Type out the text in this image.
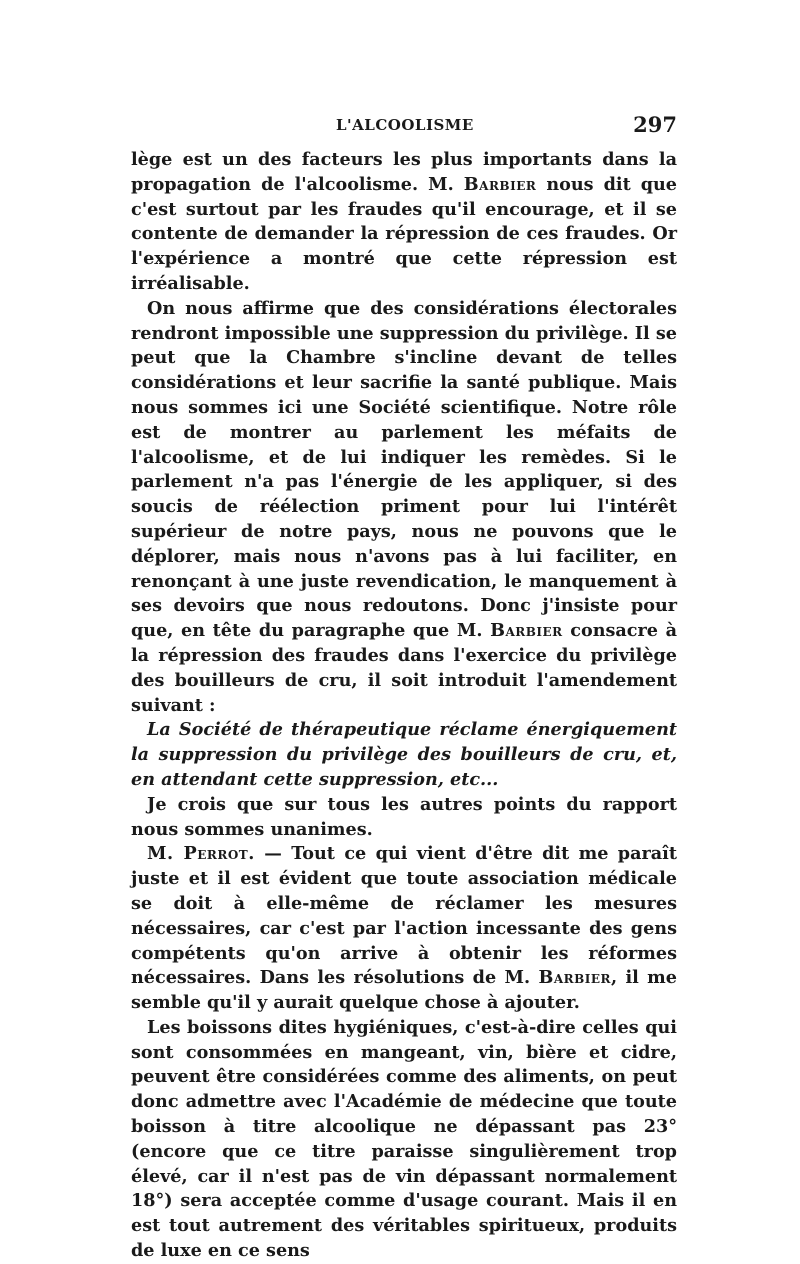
L'ALCOOLISME	297

lège est un des facteurs les plus importants dans la propagation de l'alcoolisme. M. Barbier nous dit que c'est surtout par les fraudes qu'il encourage, et il se contente de demander la répression de ces fraudes. Or l'expérience a montré que cette répression est irréalisable.

On nous affirme que des considérations électorales rendront impossible une suppression du privilège. Il se peut que la Chambre s'incline devant de telles considérations et leur sacrifie la santé publique. Mais nous sommes ici une Société scientifique. Notre rôle est de montrer au parlement les méfaits de l'alcoolisme, et de lui indiquer les remèdes. Si le parlement n'a pas l'énergie de les appliquer, si des soucis de réélection priment pour lui l'intérêt supérieur de notre pays, nous ne pouvons que le déplorer, mais nous n'avons pas à lui faciliter, en renonçant à une juste revendication, le manquement à ses devoirs que nous redoutons. Donc j'insiste pour que, en tête du paragraphe que M. Barbier consacre à la répression des fraudes dans l'exercice du privilège des bouilleurs de cru, il soit introduit l'amendement suivant :

La Société de thérapeutique réclame énergiquement la suppression du privilège des bouilleurs de cru, et, en attendant cette suppression, etc...

Je crois que sur tous les autres points du rapport nous sommes unanimes.

M. Perrot. — Tout ce qui vient d'être dit me paraît juste et il est évident que toute association médicale se doit à elle-même de réclamer les mesures nécessaires, car c'est par l'action incessante des gens compétents qu'on arrive à obtenir les réformes nécessaires. Dans les résolutions de M. Barbier, il me semble qu'il y aurait quelque chose à ajouter.

Les boissons dites hygiéniques, c'est-à-dire celles qui sont consommées en mangeant, vin, bière et cidre, peuvent être considérées comme des aliments, on peut donc admettre avec l'Académie de médecine que toute boisson à titre alcoolique ne dépassant pas 23° (encore que ce titre paraisse singulièrement trop élevé, car il n'est pas de vin dépassant normalement 18°) sera acceptée comme d'usage courant. Mais il en est tout autrement des véritables spiritueux, produits de luxe en ce sens
